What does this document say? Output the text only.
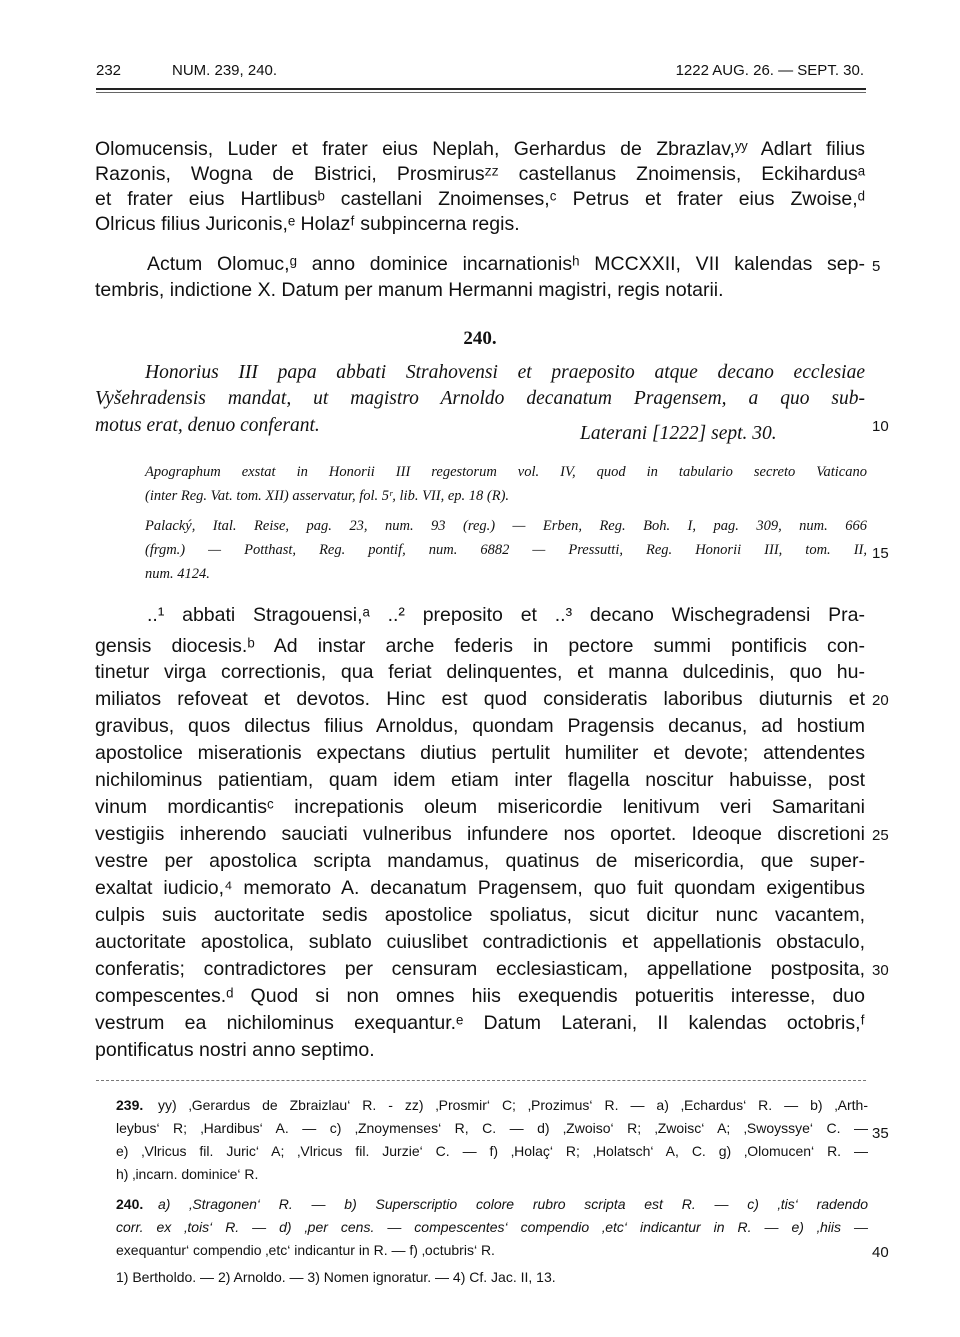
232	NUM. 239, 240.	1222 AUG. 26. — SEPT. 30.
Olomucensis, Luder et frater eius Neplah, Gerhardus de Zbrazlav,ʸʸ Adlart filius
Razonis, Wogna de Bistrici, Prosmirusᶻᶻ castellanus Znoimensis, Eckihardusᵃ
et frater eius Hartlibusᵇ castellani Znoimenses,ᶜ Petrus et frater eius Zwoise,ᵈ
Olricus filius Juriconis,ᵉ Holazᶠ subpincerna regis.
Actum Olomuc,ᵍ anno dominice incarnationisʰ MCCXXII, VII kalendas sep-
tembris, indictione X. Datum per manum Hermanni magistri, regis notarii.
5
240.
Honorius III papa abbati Strahovensi et praeposito atque decano ecclesiae
Vyšehradensis mandat, ut magistro Arnoldo decanatum Pragensem, a quo sub-
motus erat, denuo conferant.	Laterani [1222] sept. 30.	10
Apographum exstat in Honorii III regestorum vol. IV, quod in tabulario secreto Vaticano
(inter Reg. Vat. tom. XII) asservatur, fol. 5ʳ, lib. VII, ep. 18 (R).
Palacký, Ital. Reise, pag. 23, num. 93 (reg.) — Erben, Reg. Boh. I, pag. 309, num. 666
(frgm.) — Potthast, Reg. pontif, num. 6882 — Pressutti, Reg. Honorii III, tom. II,
num. 4124.
15
..¹ abbati Stragouensi,ᵃ ..² preposito et ..³ decano Wischegradensi Pra-
gensis diocesis.ᵇ Ad instar arche federis in pectore summi pontificis con-
tinetur virga correctionis, qua feriat delinquentes, et manna dulcedinis, quo hu-
miliatos refoveat et devotos. Hinc est quod consideratis laboribus diuturnis et
gravibus, quos dilectus filius Arnoldus, quondam Pragensis decanus, ad hostium
apostolice miserationis expectans diutius pertulit humiliter et devote; attendentes
nichilominus patientiam, quam idem etiam inter flagella noscitur habuisse, post
vinum mordicantisᶜ increpationis oleum misericordie lenitivum veri Samaritani
vestigiis inherendo sauciati vulneribus infundere nos oportet. Ideoque discretioni
vestre per apostolica scripta mandamus, quatinus de misericordia, que super-
exaltat iudicio,⁴ memorato A. decanatum Pragensem, quo fuit quondam exigentibus
culpis suis auctoritate sedis apostolice spoliatus, sicut dicitur nunc vacantem,
auctoritate apostolica, sublato cuiuslibet contradictionis et appellationis obstaculo,
conferatis; contradictores per censuram ecclesiasticam, appellatione postposita,
compescentes.ᵈ Quod si non omnes hiis exequendis potueritis interesse, duo
vestrum ea nichilominus exequantur.ᵉ Datum Laterani, II kalendas octobris,ᶠ
pontificatus nostri anno septimo.
20
25
30
239.	yy) ‚Gerardus de Zbraizlau‘ R. - zz) ‚Prosmir‘ C; ‚Prozimus‘ R. — a) ‚Echardus‘ R. — b) ‚Arth-
leybus‘ R; ‚Hardibus‘ A. — c) ‚Znoymenses‘ R, C. — d) ‚Zwoiso‘ R; ‚Zwoisc‘ A; ‚Swoyssye‘ C. —
e) ‚Vlricus fil. Juric‘ A; ‚Vlricus fil. Jurzie‘ C. — f) ‚Holaç‘ R; ‚Holatsch‘ A, C. g) ‚Olomucen‘ R. —
h) ‚incarn. dominice‘ R.
35
240.	a) ‚Stragonen‘ R. — b) Superscriptio colore rubro scripta est R. — c) ‚tis‘ radendo
corr. ex ‚tois‘ R. — d) ‚per cens. — compescentes‘ compendio ‚etc‘ indicantur in R. — e) ‚hiis —
exequantur‘ compendio ‚etc‘ indicantur in R. — f) ‚octubris‘ R.	40
1) Bertholdo. — 2) Arnoldo. — 3) Nomen ignoratur. — 4) Cf. Jac. II, 13.
